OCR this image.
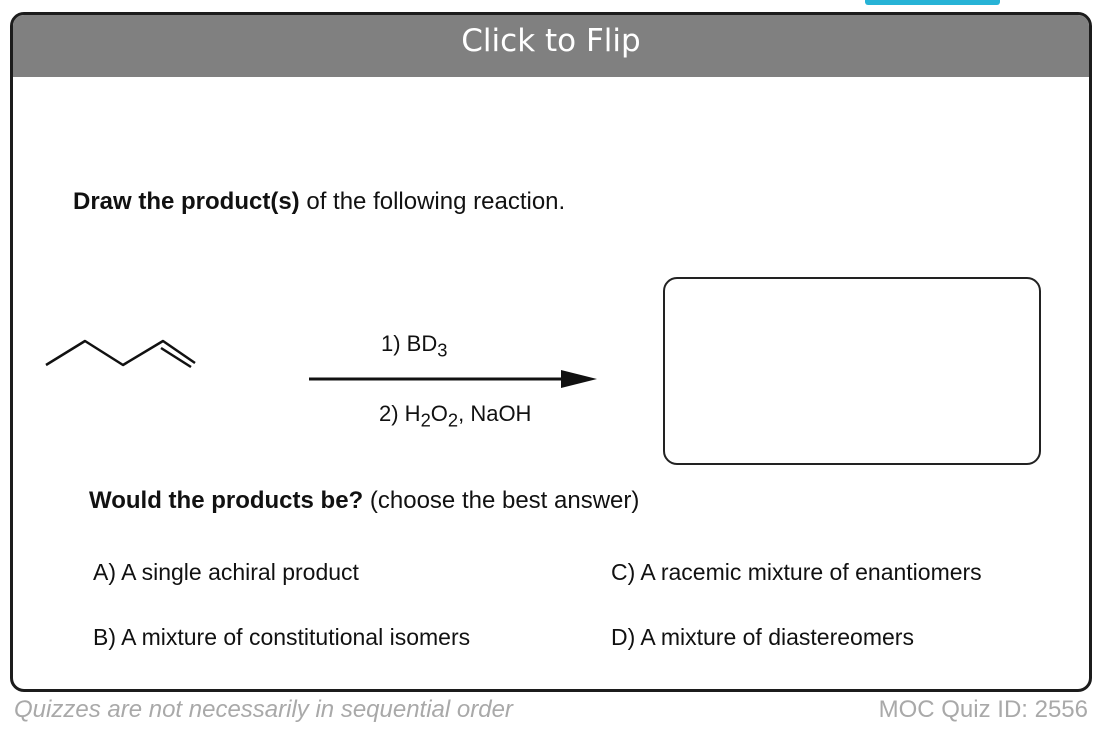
Click to Flip
Draw the product(s) of the following reaction.
1) $BD_3$
2) $H_2O_2$, NaOH
Would the products be? (choose the best answer)
A) A single achiral product
B) A mixture of constitutional isomers
C) A racemic mixture of enantiomers
D) A mixture of diastereomers
Quizzes are not necessarily in sequential order	MOC Quiz ID: 2556
